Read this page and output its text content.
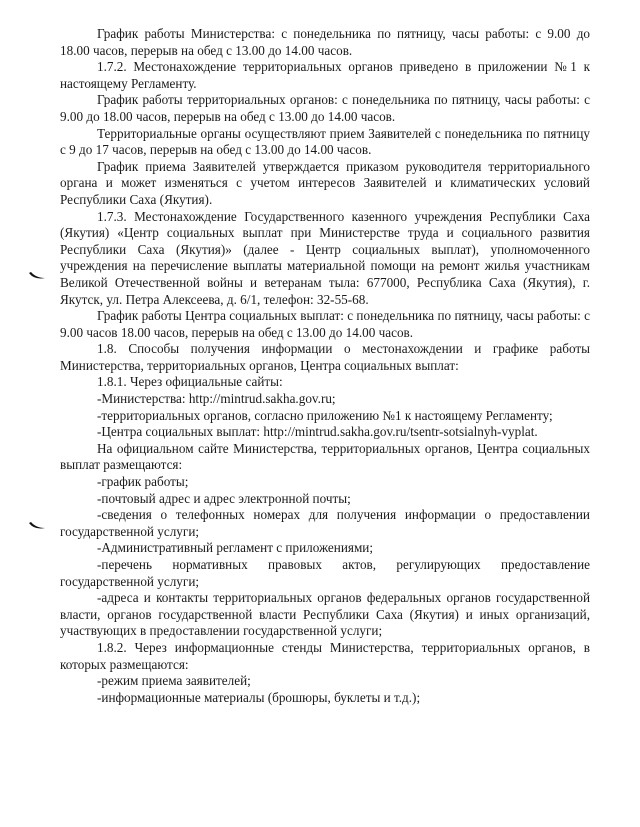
График работы Министерства: с понедельника по пятницу, часы работы: с 9.00 до 18.00 часов, перерыв на обед с 13.00 до 14.00 часов.

1.7.2. Местонахождение территориальных органов приведено в приложении №1 к настоящему Регламенту.

График работы территориальных органов: с понедельника по пятницу, часы работы: с 9.00 до 18.00 часов, перерыв на обед с 13.00 до 14.00 часов.

Территориальные органы осуществляют прием Заявителей с понедельника по пятницу с 9 до 17 часов, перерыв на обед с 13.00 до 14.00 часов.

График приема Заявителей утверждается приказом руководителя территориального органа и может изменяться с учетом интересов Заявителей и климатических условий Республики Саха (Якутия).

1.7.3. Местонахождение Государственного казенного учреждения Республики Саха (Якутия) «Центр социальных выплат при Министерстве труда и социального развития Республики Саха (Якутия)» (далее - Центр социальных выплат), уполномоченного учреждения на перечисление выплаты материальной помощи на ремонт жилья участникам Великой Отечественной войны и ветеранам тыла: 677000, Республика Саха (Якутия), г. Якутск, ул. Петра Алексеева, д. 6/1, телефон: 32-55-68.

График работы Центра социальных выплат: с понедельника по пятницу, часы работы: с 9.00 часов 18.00 часов, перерыв на обед с 13.00 до 14.00 часов.

1.8. Способы получения информации о местонахождении и графике работы Министерства, территориальных органов, Центра социальных выплат:

1.8.1. Через официальные сайты:

-Министерства: http://mintrud.sakha.gov.ru;

-территориальных органов, согласно приложению №1 к настоящему Регламенту;

-Центра социальных выплат: http://mintrud.sakha.gov.ru/tsentr-sotsialnyh-vyplat.

На официальном сайте Министерства, территориальных органов, Центра социальных выплат размещаются:

-график работы;

-почтовый адрес и адрес электронной почты;

-сведения о телефонных номерах для получения информации о предоставлении государственной услуги;

-Административный регламент с приложениями;

-перечень нормативных правовых актов, регулирующих предоставление государственной услуги;

-адреса и контакты территориальных органов федеральных органов государственной власти, органов государственной власти Республики Саха (Якутия) и иных организаций, участвующих в предоставлении государственной услуги;

1.8.2. Через информационные стенды Министерства, территориальных органов, в которых размещаются:

-режим приема заявителей;

-информационные материалы (брошюры, буклеты и т.д.);
